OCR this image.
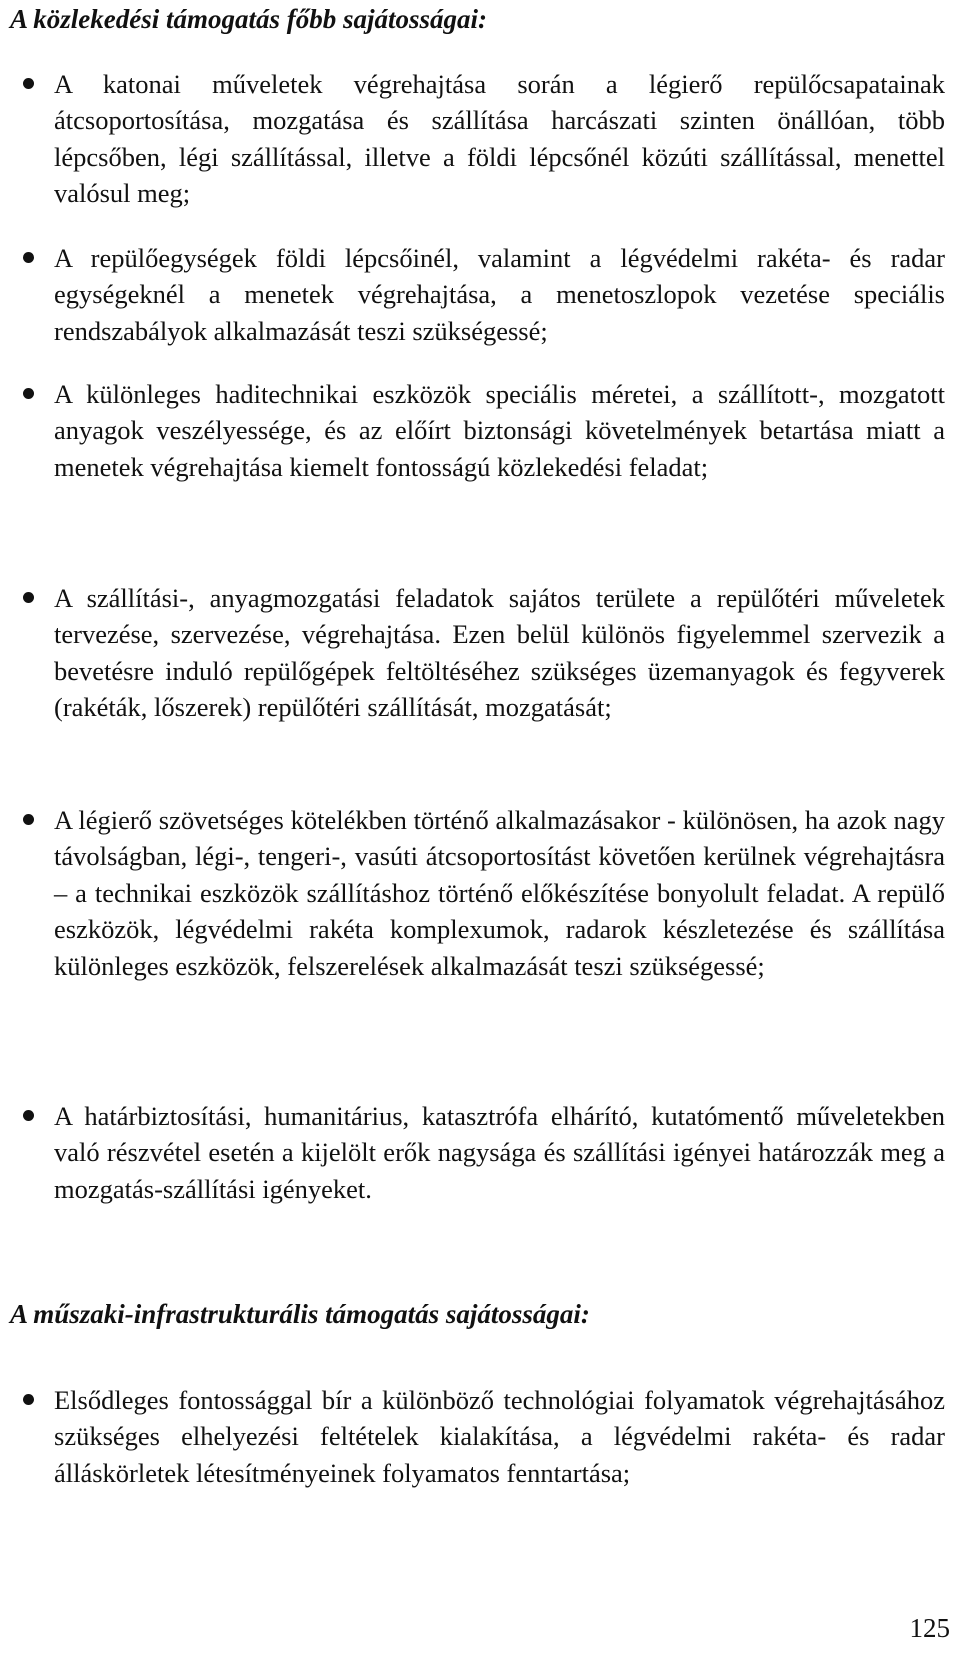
A közlekedési támogatás főbb sajátosságai:
A katonai műveletek végrehajtása során a légierő repülőcsapatainak átcsoportosítása, mozgatása és szállítása harcászati szinten önállóan, több lépcsőben, légi szállítással, illetve a földi lépcsőnél közúti szállítással, menettel valósul meg;
A repülőegységek földi lépcsőinél, valamint a légvédelmi rakéta- és radar egységeknél a menetek végrehajtása, a menetoszlopok vezetése speciális rendszabályok alkalmazását teszi szükségessé;
A különleges haditechnikai eszközök speciális méretei, a szállított-, mozgatott anyagok veszélyessége, és az előírt biztonsági követelmények betartása miatt a menetek végrehajtása kiemelt fontosságú közlekedési feladat;
A szállítási-, anyagmozgatási feladatok sajátos területe a repülőtéri műveletek tervezése, szervezése, végrehajtása. Ezen belül különös figyelemmel szervezik a bevetésre induló repülőgépek feltöltéséhez szükséges üzemanyagok és fegyverek (rakéták, lőszerek) repülőtéri szállítását, mozgatását;
A légierő szövetséges kötelékben történő alkalmazásakor - különösen, ha azok nagy távolságban, légi-, tengeri-, vasúti átcsoportosítást követően kerülnek végrehajtásra – a technikai eszközök szállításhoz történő előkészítése bonyolult feladat. A repülő eszközök, légvédelmi rakéta komplexumok, radarok készletezése és szállítása különleges eszközök, felszerelések alkalmazását teszi szükségessé;
A határbiztosítási, humanitárius, katasztrófa elhárító, kutatómentő műveletekben való részvétel esetén a kijelölt erők nagysága és szállítási igényei határozzák meg a mozgatás-szállítási igényeket.
A műszaki-infrastrukturális támogatás sajátosságai:
Elsődleges fontossággal bír a különböző technológiai folyamatok végrehajtásához szükséges elhelyezési feltételek kialakítása, a légvédelmi rakéta- és radar álláskörletek létesítményeinek folyamatos fenntartása;
125
